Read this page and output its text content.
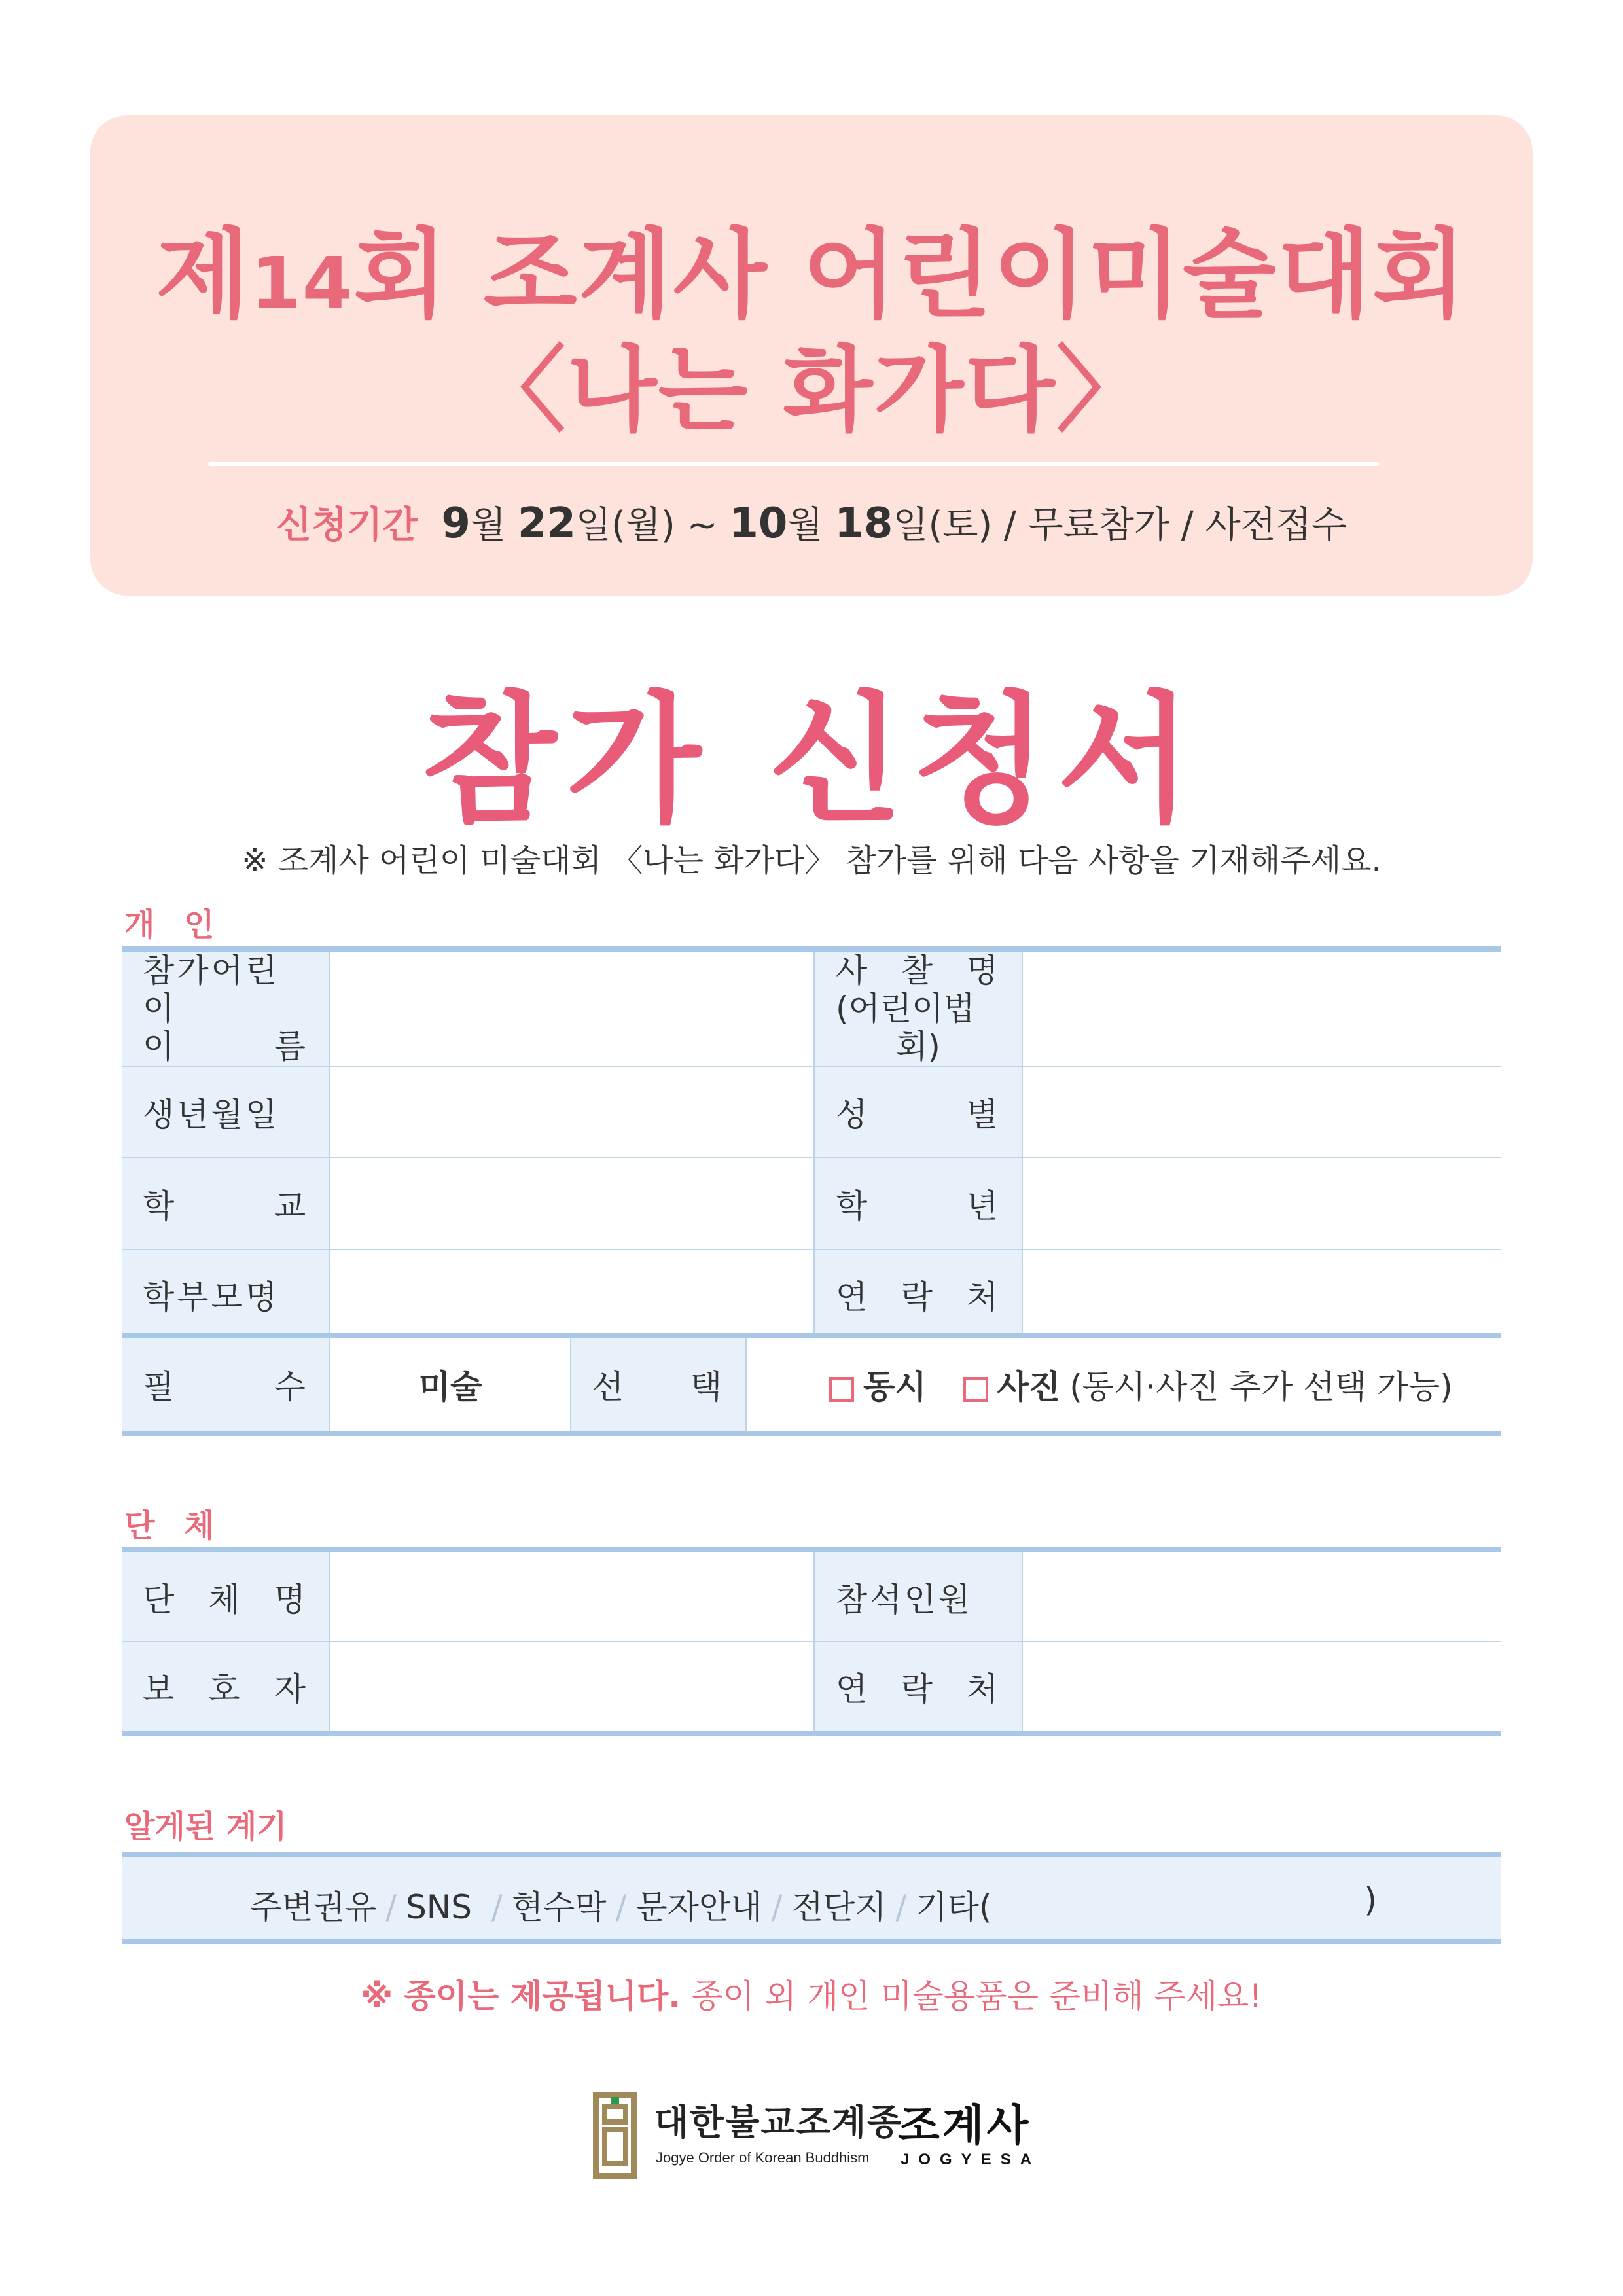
제14회 조계사 어린이미술대회
〈나는 화가다〉
신청기간 9월 22일(월) ~ 10월 18일(토) / 무료참가 / 사전접수
참가 신청서
※ 조계사 어린이 미술대회 〈나는 화가다〉 참가를 위해 다음 사항을 기재해주세요.
개 인
참가어린이
이 름		사 찰 명
(어린이법회)	

생년월일		성 별	
학 교		학 년	
학부모명		연 락 처	
필 수	미술	선 택	동시 사진 (동시·사진 추가 선택 가능)
단 체
단 체 명		참석인원	
보 호 자		연 락 처	
알게된 계기
주변권유 / SNS / 현수막 / 문자안내 / 전단지 / 기타(	)
※ 종이는 제공됩니다. 종이 외 개인 미술용품은 준비해 주세요!
대한불교조계종
Jogye Order of Korean Buddhism
조계사
JOGYESA
